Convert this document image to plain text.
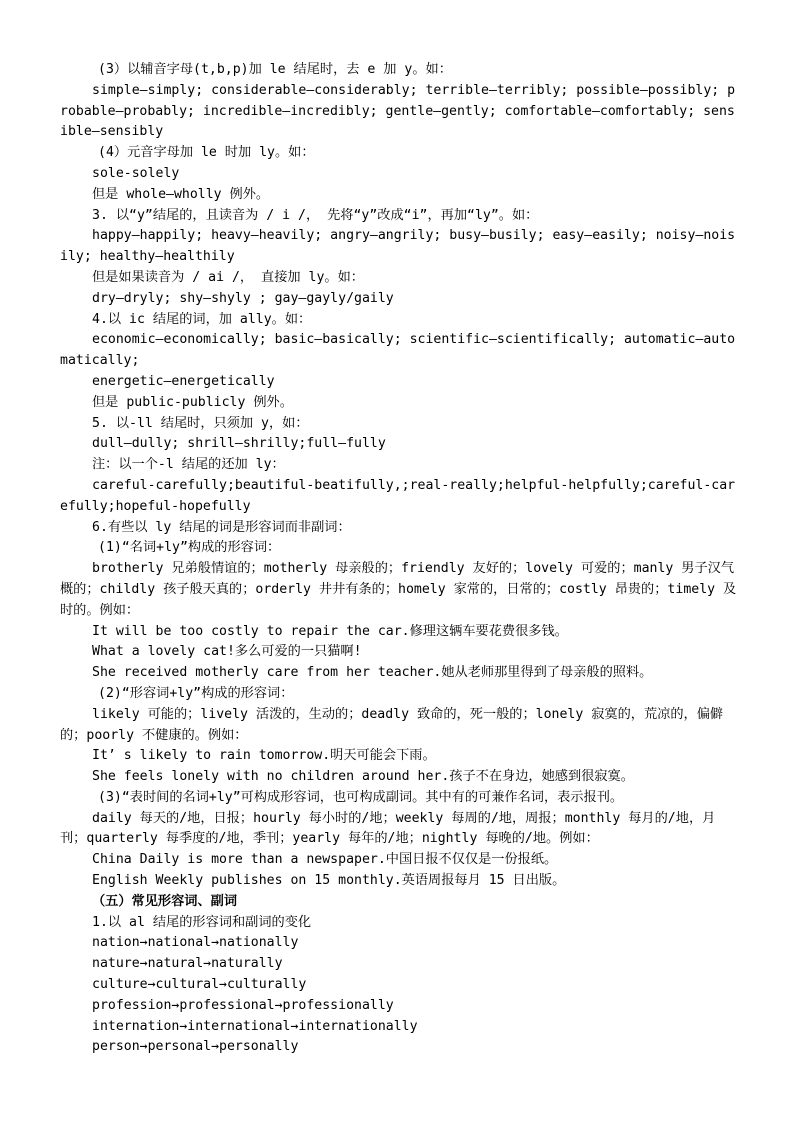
(3）以辅音字母(t,b,p)加 le 结尾时，去 e 加 y。如：
simple—simply; considerable—considerably; terrible—terribly; possible—possibly; probable—probably; incredible—incredibly; gentle—gently; comfortable—comfortably; sensible—sensibly
(4）元音字母加 le 时加 ly。如：
sole-solely
但是 whole—wholly 例外。
3. 以“y”结尾的，且读音为 / i /， 先将“y”改成“i”，再加“ly”。如：
happy—happily; heavy—heavily; angry—angrily; busy—busily; easy—easily; noisy—noisily; healthy—healthily
但是如果读音为 / ai /， 直接加 ly。如：
dry—dryly; shy—shyly ; gay—gayly/gaily
4.以 ic 结尾的词，加 ally。如：
economic—economically; basic—basically; scientific—scientifically; automatic—automatically;
energetic—energetically
但是 public-publicly 例外。
5. 以-ll 结尾时，只须加 y，如：
dull—dully; shrill—shrilly;full—fully
注：以一个-l 结尾的还加 ly：
careful-carefully;beautiful-beatifully,;real-really;helpful-helpfully;careful-carefully;hopeful-hopefully
6.有些以 ly 结尾的词是形容词而非副词：
(1)“名词+ly”构成的形容词：
brotherly 兄弟般情谊的；motherly 母亲般的；friendly 友好的；lovely 可爱的；manly 男子汉气概的；childly 孩子般天真的；orderly 井井有条的；homely 家常的，日常的；costly 昂贵的；timely 及时的。例如：
It will be too costly to repair the car.修理这辆车要花费很多钱。
What a lovely cat!多么可爱的一只猫啊!
She received motherly care from her teacher.她从老师那里得到了母亲般的照料。
(2)“形容词+ly”构成的形容词：
likely 可能的；lively 活泼的，生动的；deadly 致命的，死一般的；lonely 寂寞的，荒凉的，偏僻的；poorly 不健康的。例如：
It’ s likely to rain tomorrow.明天可能会下雨。
She feels lonely with no children around her.孩子不在身边，她感到很寂寞。
(3)“表时间的名词+ly”可构成形容词，也可构成副词。其中有的可兼作名词，表示报刊。
daily 每天的/地，日报；hourly 每小时的/地；weekly 每周的/地，周报；monthly 每月的/地，月刊；quarterly 每季度的/地，季刊；yearly 每年的/地；nightly 每晚的/地。例如：
China Daily is more than a newspaper.中国日报不仅仅是一份报纸。
English Weekly publishes on 15 monthly.英语周报每月 15 日出版。
（五）常见形容词、副词
1.以 al 结尾的形容词和副词的变化
nation→national→nationally
nature→natural→naturally
culture→cultural→culturally
profession→professional→professionally
internation→international→internationally
person→personal→personally
